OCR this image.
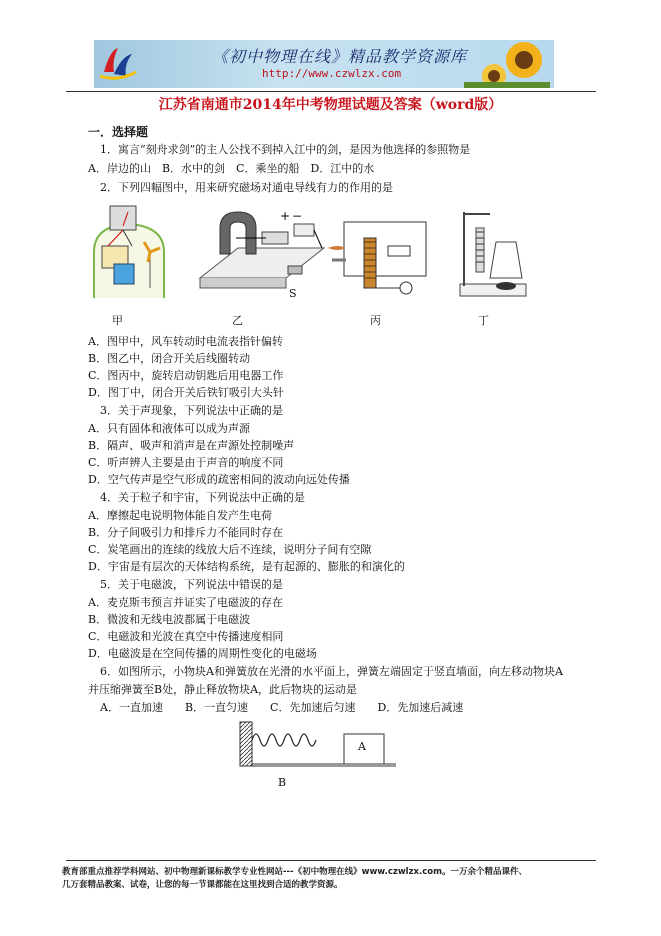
《初中物理在线》精品教学资源库
http://www.czwlzx.com
江苏省南通市2014年中考物理试题及答案（word版）
一．选择题
1．寓言“刻舟求剑”的主人公找不到掉入江中的剑，是因为他选择的参照物是
A．岸边的山　B．水中的剑　C．乘坐的船　D．江中的水
2．下列四幅图中，用来研究磁场对通电导线有力的作用的是
+ −
S
甲	乙	丙	丁
A．图甲中，风车转动时电流表指针偏转
B．图乙中，闭合开关后线圈转动
C．图丙中，旋转启动钥匙后用电器工作
D．图丁中，闭合开关后铁钉吸引大头针
3．关于声现象，下列说法中正确的是
A．只有固体和液体可以成为声源
B．隔声、吸声和消声是在声源处控制噪声
C．听声辨人主要是由于声音的响度不同
D．空气传声是空气形成的疏密相间的波动向远处传播
4．关于粒子和宇宙，下列说法中正确的是
A．摩擦起电说明物体能自发产生电荷
B．分子间吸引力和排斥力不能同时存在
C．炭笔画出的连续的线放大后不连续，说明分子间有空隙
D．宇宙是有层次的天体结构系统，是有起源的、膨胀的和演化的
5．关于电磁波，下列说法中错误的是
A．麦克斯韦预言并证实了电磁波的存在
B．微波和无线电波都属于电磁波
C．电磁波和光波在真空中传播速度相同
D．电磁波是在空间传播的周期性变化的电磁场
6．如图所示，小物块A和弹簧放在光滑的水平面上，弹簧左端固定于竖直墙面，向左移动物块A
并压缩弹簧至B处，静止释放物块A，此后物块的运动是
A．一直加速　　B．一直匀速　　C．先加速后匀速　　D．先加速后减速
A
B
教育部重点推荐学科网站、初中物理新课标教学专业性网站---《初中物理在线》www.czwlzx.com。一万余个精品课件、
几万套精品教案、试卷，让您的每一节课都能在这里找到合适的教学资源。
